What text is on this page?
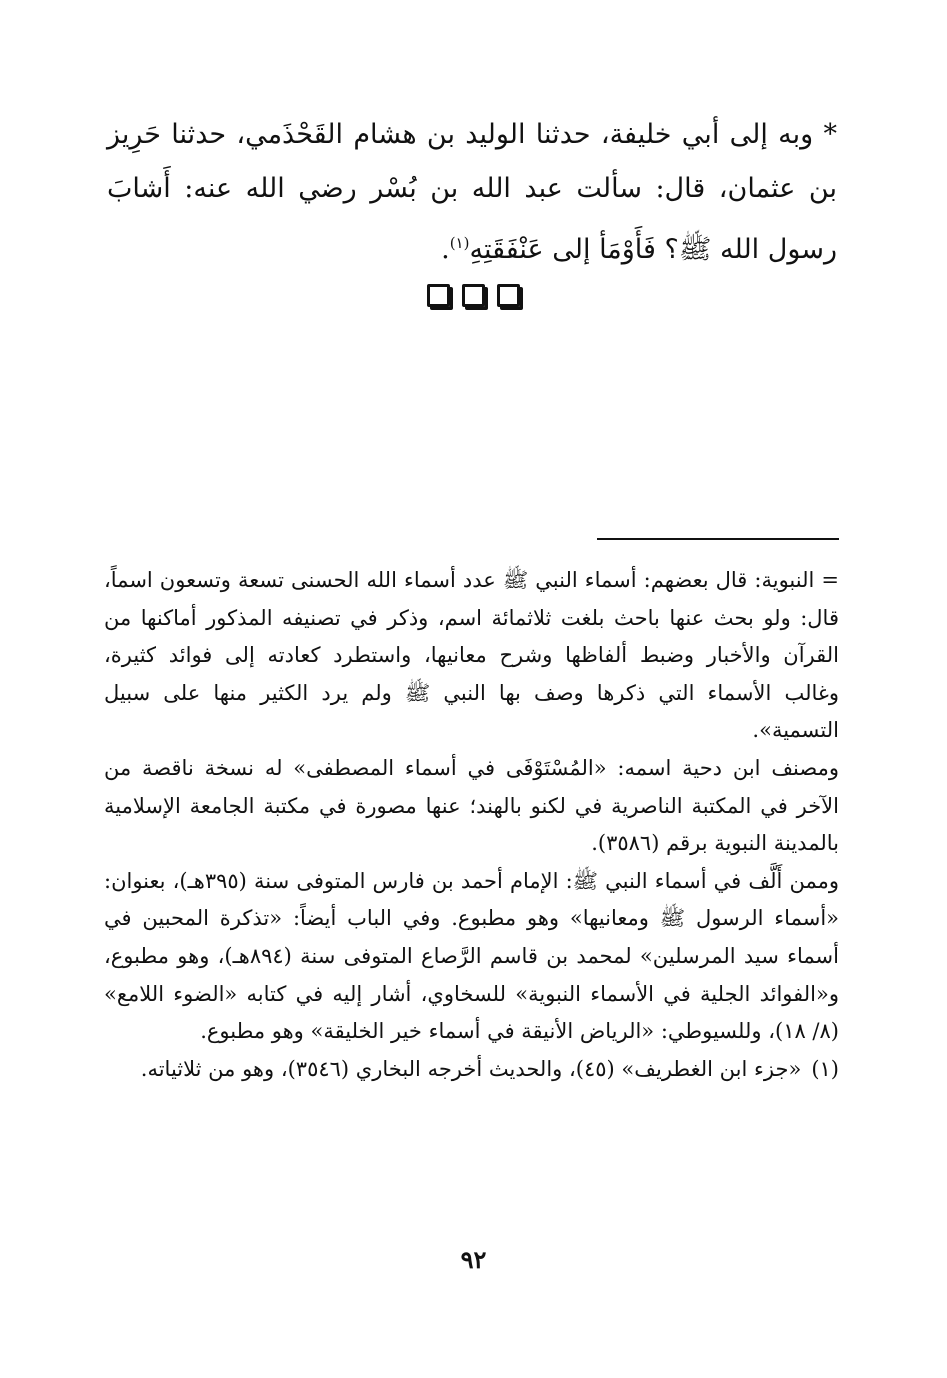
* وبه إلى أبي خليفة، حدثنا الوليد بن هشام القَحْذَمي، حدثنا حَرِيز بن عثمان، قال: سألت عبد الله بن بُسْر رضي الله عنه: أَشابَ رسول الله ﷺ؟ فَأَوْمَأ إلى عَنْفَقَتِهِ$^{(١)}$.

= النبوية: قال بعضهم: أسماء النبي ﷺ عدد أسماء الله الحسنى تسعة وتسعون اسماً، قال: ولو بحث عنها باحث بلغت ثلاثمائة اسم، وذكر في تصنيفه المذكور أماكنها من القرآن والأخبار وضبط ألفاظها وشرح معانيها، واستطرد كعادته إلى فوائد كثيرة، وغالب الأسماء التي ذكرها وصف بها النبي ﷺ ولم يرد الكثير منها على سبيل التسمية».

ومصنف ابن دحية اسمه: «المُسْتَوْفَى في أسماء المصطفى» له نسخة ناقصة من الآخر في المكتبة الناصرية في لكنو بالهند؛ عنها مصورة في مكتبة الجامعة الإسلامية بالمدينة النبوية برقم (٣٥٨٦).

وممن أَلَّف في أسماء النبي ﷺ: الإمام أحمد بن فارس المتوفى سنة (٣٩٥هـ)، بعنوان: «أسماء الرسول ﷺ ومعانيها» وهو مطبوع. وفي الباب أيضاً: «تذكرة المحبين في أسماء سيد المرسلين» لمحمد بن قاسم الرَّصاع المتوفى سنة (٨٩٤هـ)، وهو مطبوع، و«الفوائد الجلية في الأسماء النبوية» للسخاوي، أشار إليه في كتابه «الضوء اللامع» (٨/ ١٨)، وللسيوطي: «الرياض الأنيقة في أسماء خير الخليقة» وهو مطبوع.

(١)«جزء ابن الغطريف» (٤٥)، والحديث أخرجه البخاري (٣٥٤٦)، وهو من ثلاثياته.

٩٢
